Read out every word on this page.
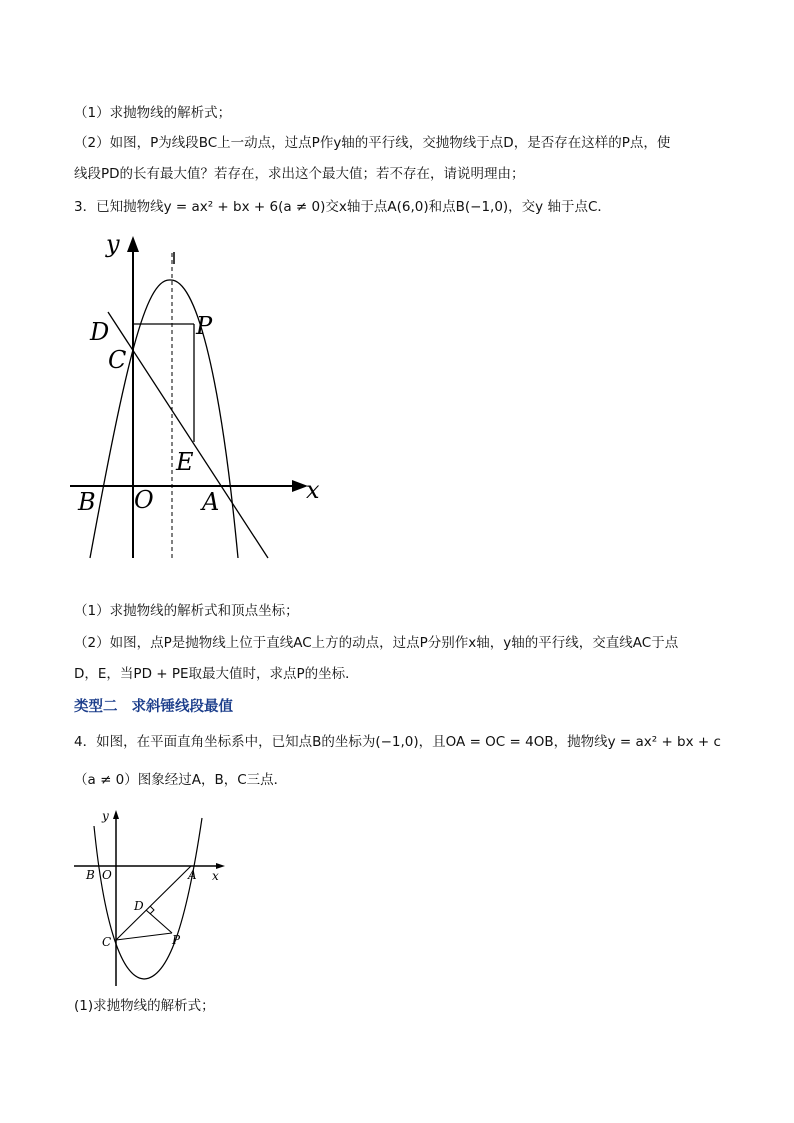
（1）求抛物线的解析式；
（2）如图，P为线段BC上一动点，过点P作y轴的平行线，交抛物线于点D，是否存在这样的P点，使
线段PD的长有最大值？若存在，求出这个最大值；若不存在，请说明理由；
3．已知抛物线y = ax² + bx + 6(a ≠ 0)交x轴于点A(6,0)和点B(−1,0)，交y 轴于点C．
y
x
D	P
C
E
B O A
（1）求抛物线的解析式和顶点坐标；
（2）如图，点P是抛物线上位于直线AC上方的动点，过点P分别作x轴，y轴的平行线，交直线AC于点
D，E，当PD + PE取最大值时，求点P的坐标．
类型二 求斜锤线段最值
4．如图，在平面直角坐标系中，已知点B的坐标为(−1,0)，且OA = OC = 4OB，抛物线y = ax² + bx + c
（a ≠ 0）图象经过A，B，C三点．
y
x
B O	A
D
C	P
(1)求抛物线的解析式；
